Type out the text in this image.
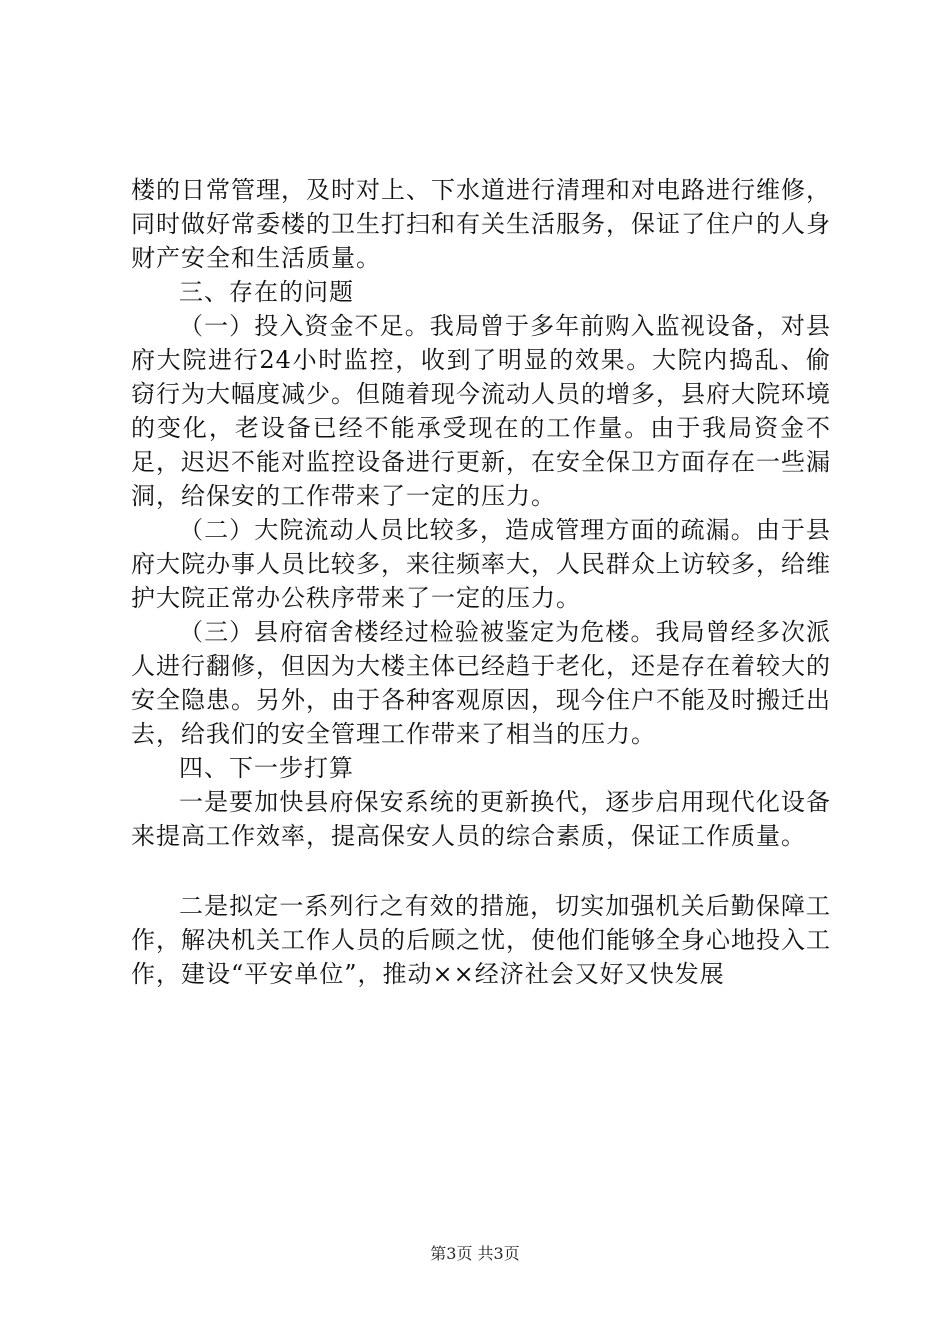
楼的日常管理，及时对上、下水道进行清理和对电路进行维修，同时做好常委楼的卫生打扫和有关生活服务，保证了住户的人身财产安全和生活质量。

三、存在的问题

（一）投入资金不足。我局曾于多年前购入监视设备，对县府大院进行24小时监控，收到了明显的效果。大院内捣乱、偷窃行为大幅度减少。但随着现今流动人员的增多，县府大院环境的变化，老设备已经不能承受现在的工作量。由于我局资金不足，迟迟不能对监控设备进行更新，在安全保卫方面存在一些漏洞，给保安的工作带来了一定的压力。

（二）大院流动人员比较多，造成管理方面的疏漏。由于县府大院办事人员比较多，来往频率大，人民群众上访较多，给维护大院正常办公秩序带来了一定的压力。

（三）县府宿舍楼经过检验被鉴定为危楼。我局曾经多次派人进行翻修，但因为大楼主体已经趋于老化，还是存在着较大的安全隐患。另外，由于各种客观原因，现今住户不能及时搬迁出去，给我们的安全管理工作带来了相当的压力。

四、下一步打算

一是要加快县府保安系统的更新换代，逐步启用现代化设备来提高工作效率，提高保安人员的综合素质，保证工作质量。

二是拟定一系列行之有效的措施，切实加强机关后勤保障工作，解决机关工作人员的后顾之忧，使他们能够全身心地投入工作，建设“平安单位”，推动××经济社会又好又快发展

第3页 共3页
